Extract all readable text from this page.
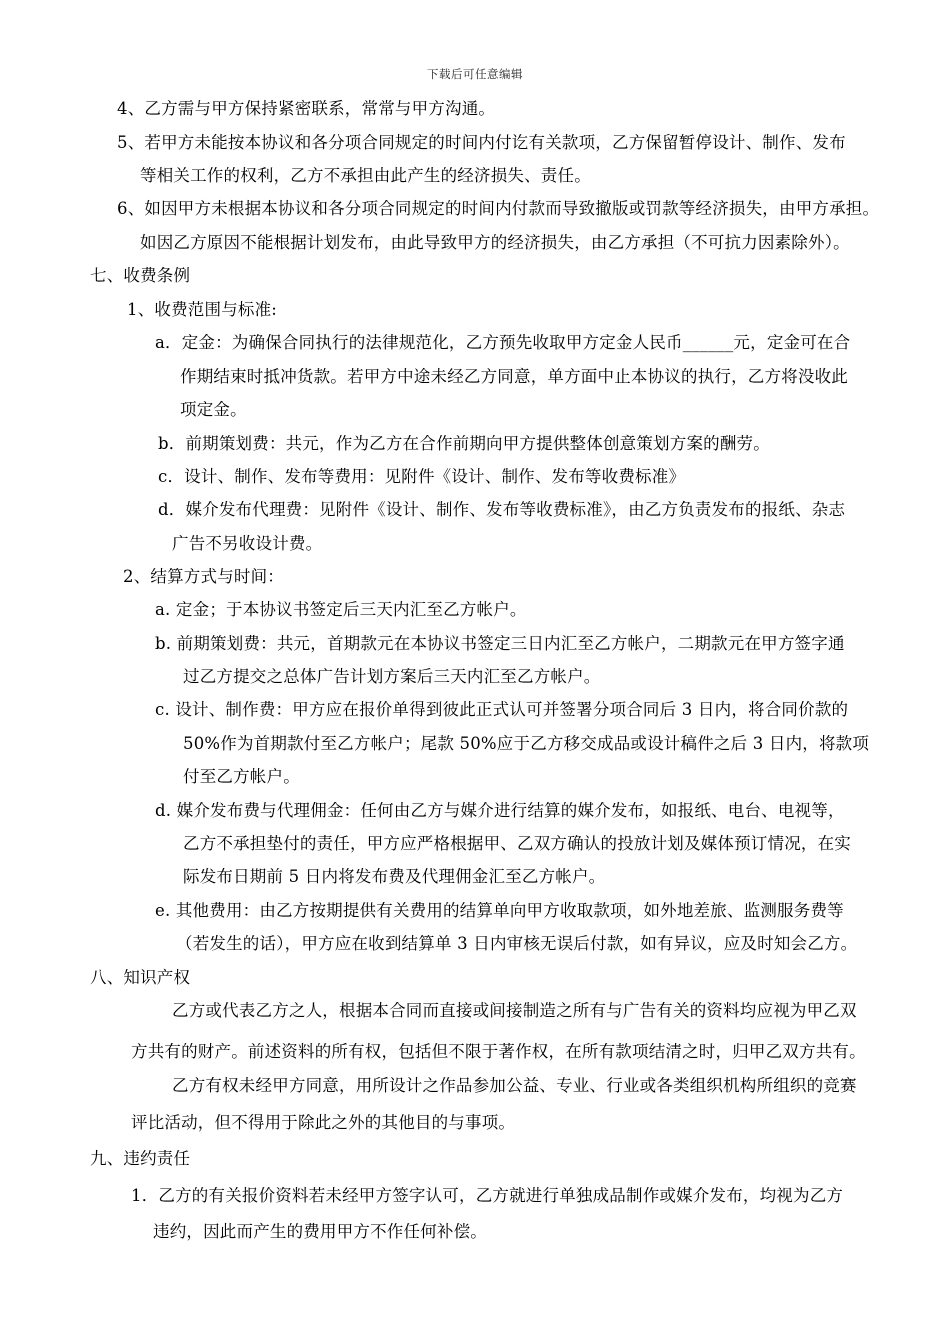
下载后可任意编辑
4、乙方需与甲方保持紧密联系，常常与甲方沟通。
5、若甲方未能按本协议和各分项合同规定的时间内付讫有关款项，乙方保留暂停设计、制作、发布
等相关工作的权利，乙方不承担由此产生的经济损失、责任。
6、如因甲方未根据本协议和各分项合同规定的时间内付款而导致撤版或罚款等经济损失，由甲方承担。
如因乙方原因不能根据计划发布，由此导致甲方的经济损失，由乙方承担（不可抗力因素除外）。
七、收费条例
1、收费范围与标准:
a．定金：为确保合同执行的法律规范化，乙方预先收取甲方定金人民币______元，定金可在合
作期结束时抵冲货款。若甲方中途未经乙方同意，单方面中止本协议的执行，乙方将没收此
项定金。
b．前期策划费：共元，作为乙方在合作前期向甲方提供整体创意策划方案的酬劳。
c．设计、制作、发布等费用：见附件《设计、制作、发布等收费标准》
d．媒介发布代理费：见附件《设计、制作、发布等收费标准》，由乙方负责发布的报纸、杂志
广告不另收设计费。
2、结算方式与时间：
a. 定金；于本协议书签定后三天内汇至乙方帐户。
b. 前期策划费：共元，首期款元在本协议书签定三日内汇至乙方帐户，二期款元在甲方签字通
过乙方提交之总体广告计划方案后三天内汇至乙方帐户。
c. 设计、制作费：甲方应在报价单得到彼此正式认可并签署分项合同后 3 日内，将合同价款的
50%作为首期款付至乙方帐户；尾款 50%应于乙方移交成品或设计稿件之后 3 日内，将款项
付至乙方帐户。
d. 媒介发布费与代理佣金：任何由乙方与媒介进行结算的媒介发布，如报纸、电台、电视等，
乙方不承担垫付的责任，甲方应严格根据甲、乙双方确认的投放计划及媒体预订情况，在实
际发布日期前 5 日内将发布费及代理佣金汇至乙方帐户。
e. 其他费用：由乙方按期提供有关费用的结算单向甲方收取款项，如外地差旅、监测服务费等
（若发生的话），甲方应在收到结算单 3 日内审核无误后付款，如有异议，应及时知会乙方。
八、知识产权
乙方或代表乙方之人，根据本合同而直接或间接制造之所有与广告有关的资料均应视为甲乙双
方共有的财产。前述资料的所有权，包括但不限于著作权，在所有款项结清之时，归甲乙双方共有。
乙方有权未经甲方同意，用所设计之作品参加公益、专业、行业或各类组织机构所组织的竞赛
评比活动，但不得用于除此之外的其他目的与事项。
九、违约责任
1．乙方的有关报价资料若未经甲方签字认可，乙方就进行单独成品制作或媒介发布，均视为乙方
违约，因此而产生的费用甲方不作任何补偿。
